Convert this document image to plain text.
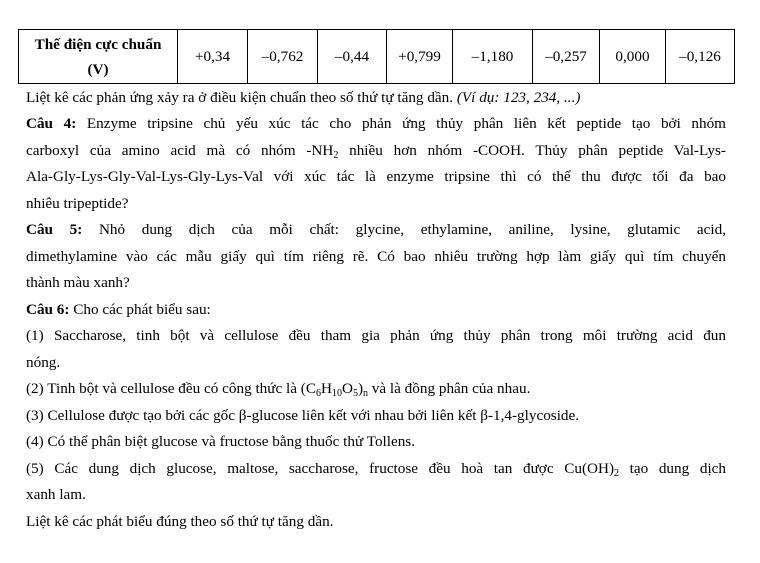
Thế điện cực chuẩn
(V)
	+0,34	–0,762	–0,44	+0,799	–1,180	–0,257	0,000	–0,126
Liệt kê các phản ứng xảy ra ở điều kiện chuẩn theo số thứ tự tăng dần. (Ví dụ: 123, 234, ...)
Câu 4: Enzyme tripsine chủ yếu xúc tác cho phản ứng thủy phân liên kết peptide tạo bởi nhóm
carboxyl của amino acid mà có nhóm $-NH_2$ nhiều hơn nhóm -COOH. Thủy phân peptide Val-Lys-
Ala-Gly-Lys-Gly-Val-Lys-Gly-Lys-Val với xúc tác là enzyme tripsine thì có thể thu được tối đa bao
nhiêu tripeptide?
Câu 5: Nhỏ dung dịch của mỗi chất: glycine, ethylamine, aniline, lysine, glutamic acid,
dimethylamine vào các mẫu giấy quì tím riêng rẽ. Có bao nhiêu trường hợp làm giấy quì tím chuyển
thành màu xanh?
Câu 6: Cho các phát biểu sau:
(1) Saccharose, tinh bột và cellulose đều tham gia phản ứng thủy phân trong môi trường acid đun
nóng.
(2) Tinh bột và cellulose đều có công thức là $(C_6H_{10}O_5)_n$ và là đồng phân của nhau.
(3) Cellulose được tạo bởi các gốc β-glucose liên kết với nhau bởi liên kết β-1,4-glycoside.
(4) Có thể phân biệt glucose và fructose bằng thuốc thử Tollens.
(5) Các dung dịch glucose, maltose, saccharose, fructose đều hoà tan được $Cu(OH)_2$ tạo dung dịch
xanh lam.
Liệt kê các phát biểu đúng theo số thứ tự tăng dần.
